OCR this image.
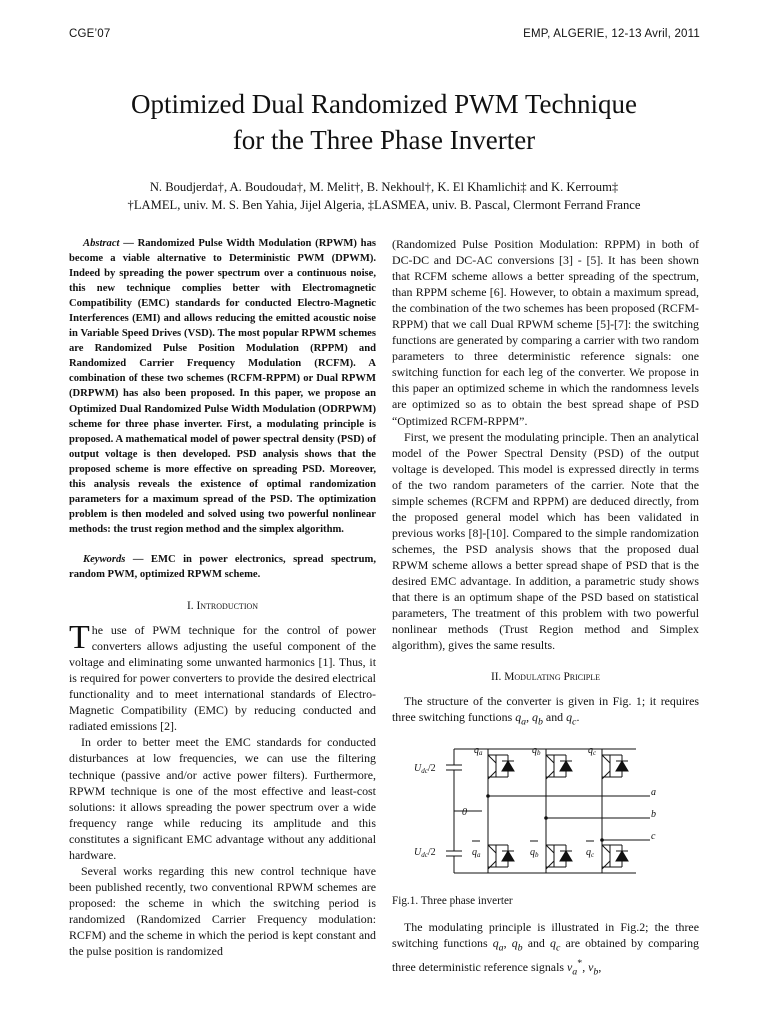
CGE’07	EMP, ALGERIE, 12-13 Avril, 2011
Optimized Dual Randomized PWM Technique
for the Three Phase Inverter
N. Boudjerda†, A. Boudouda†, M. Melit†, B. Nekhoul†, K. El Khamlichi‡ and K. Kerroum‡
†LAMEL, univ. M. S. Ben Yahia, Jijel Algeria, ‡LASMEA, univ. B. Pascal, Clermont Ferrand France

Abstract — Randomized Pulse Width Modulation (RPWM) has become a viable alternative to Deterministic PWM (DPWM). Indeed by spreading the power spectrum over a continuous noise, this new technique complies better with Electromagnetic Compatibility (EMC) standards for conducted Electro-Magnetic Interferences (EMI) and allows reducing the emitted acoustic noise in Variable Speed Drives (VSD). The most popular RPWM schemes are Randomized Pulse Position Modulation (RPPM) and Randomized Carrier Frequency Modulation (RCFM). A combination of these two schemes (RCFM-RPPM) or Dual RPWM (DRPWM) has also been proposed. In this paper, we propose an Optimized Dual Randomized Pulse Width Modulation (ODRPWM) scheme for three phase inverter. First, a modulating principle is proposed. A mathematical model of power spectral density (PSD) of output voltage is then developed. PSD analysis shows that the proposed scheme is more effective on spreading PSD. Moreover, this analysis reveals the existence of optimal randomization parameters for a maximum spread of the PSD. The optimization problem is then modeled and solved using two powerful nonlinear methods: the trust region method and the simplex algorithm.

Keywords — EMC in power electronics, spread spectrum, random PWM, optimized RPWM scheme.

I. Introduction

The use of PWM technique for the control of power converters allows adjusting the useful component of the voltage and eliminating some unwanted harmonics [1]. Thus, it is required for power converters to provide the desired electrical functionality and to meet international standards of Electro-Magnetic Compatibility (EMC) by reducing conducted and radiated emissions [2].

In order to better meet the EMC standards for conducted disturbances at low frequencies, we can use the filtering technique (passive and/or active power filters). Furthermore, RPWM technique is one of the most effective and least-cost solutions: it allows spreading the power spectrum over a wide frequency range while reducing its amplitude and this constitutes a significant EMC advantage without any additional hardware.

Several works regarding this new control technique have been published recently, two conventional RPWM schemes are proposed: the scheme in which the switching period is randomized (Randomized Carrier Frequency modulation: RCFM) and the scheme in which the period is kept constant and the pulse position is randomized

(Randomized Pulse Position Modulation: RPPM) in both of DC-DC and DC-AC conversions [3] - [5]. It has been shown that RCFM scheme allows a better spreading of the spectrum, than RPPM scheme [6]. However, to obtain a maximum spread, the combination of the two schemes has been proposed (RCFM-RPPM) that we call Dual RPWM scheme [5]-[7]: the switching functions are generated by comparing a carrier with two random parameters to three deterministic reference signals: one switching function for each leg of the converter. We propose in this paper an optimized scheme in which the randomness levels are optimized so as to obtain the best spread shape of PSD “Optimized RCFM-RPPM”.

First, we present the modulating principle. Then an analytical model of the Power Spectral Density (PSD) of the output voltage is developed. This model is expressed directly in terms of the two random parameters of the carrier. Note that the simple schemes (RCFM and RPPM) are deduced directly, from the proposed general model which has been validated in previous works [8]-[10]. Compared to the simple randomization schemes, the PSD analysis shows that the proposed dual RPWM scheme allows a better spread shape of PSD that is the desired EMC advantage. In addition, a parametric study shows that there is an optimum shape of the PSD based on statistical parameters, The treatment of this problem with two powerful nonlinear methods (Trust Region method and Simplex algorithm), gives the same results.

II. Modulating Priciple

The structure of the converter is given in Fig. 1; it requires three switching functions $q_a$, $q_b$ and $q_c$.

$q_a$	$q_b$	$q_c$
$q_a$	$q_b$	$q_c$
$U_{dc}/2$
$U_{dc}/2$
0
a
b
c

Fig.1. Three phase inverter

The modulating principle is illustrated in Fig.2; the three switching functions $q_a$, $q_b$ and $q_c$ are obtained by comparing three deterministic reference signals $v_a^*$, $v_b$,
